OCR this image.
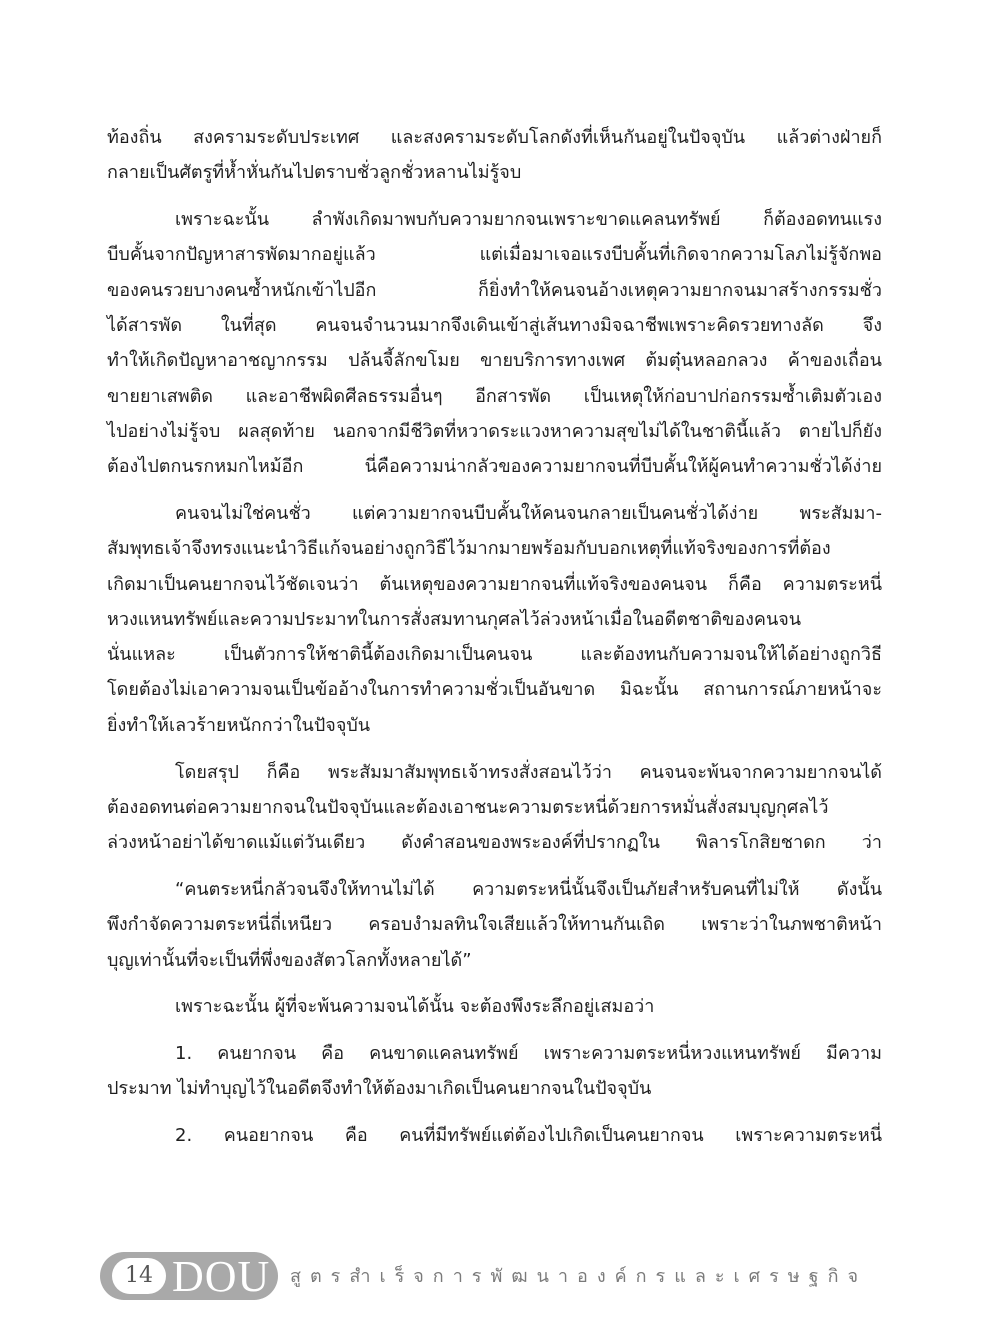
ท้องถิ่น สงครามระดับประเทศ และสงครามระดับโลกดังที่เห็นกันอยู่ในปัจจุบัน แล้วต่างฝ่ายก็
กลายเป็นศัตรูที่ห้ำหั่นกันไปตราบชั่วลูกชั่วหลานไม่รู้จบ
เพราะฉะนั้น ลำพังเกิดมาพบกับความยากจนเพราะขาดแคลนทรัพย์ ก็ต้องอดทนแรง
บีบคั้นจากปัญหาสารพัดมากอยู่แล้ว แต่เมื่อมาเจอแรงบีบคั้นที่เกิดจากความโลภไม่รู้จักพอ
ของคนรวยบางคนซ้ำหนักเข้าไปอีก ก็ยิ่งทำให้คนจนอ้างเหตุความยากจนมาสร้างกรรมชั่ว
ได้สารพัด ในที่สุด คนจนจำนวนมากจึงเดินเข้าสู่เส้นทางมิจฉาชีพเพราะคิดรวยทางลัด จึง
ทำให้เกิดปัญหาอาชญากรรม ปล้นจี้ลักขโมย ขายบริการทางเพศ ต้มตุ๋นหลอกลวง ค้าของเถื่อน
ขายยาเสพติด และอาชีพผิดศีลธรรมอื่นๆ อีกสารพัด เป็นเหตุให้ก่อบาปก่อกรรมซ้ำเติมตัวเอง
ไปอย่างไม่รู้จบ ผลสุดท้าย นอกจากมีชีวิตที่หวาดระแวงหาความสุขไม่ได้ในชาตินี้แล้ว ตายไปก็ยัง
ต้องไปตกนรกหมกไหม้อีก นี่คือความน่ากลัวของความยากจนที่บีบคั้นให้ผู้คนทำความชั่วได้ง่าย
คนจนไม่ใช่คนชั่ว แต่ความยากจนบีบคั้นให้คนจนกลายเป็นคนชั่วได้ง่าย พระสัมมา-
สัมพุทธเจ้าจึงทรงแนะนำวิธีแก้จนอย่างถูกวิธีไว้มากมายพร้อมกับบอกเหตุที่แท้จริงของการที่ต้อง
เกิดมาเป็นคนยากจนไว้ชัดเจนว่า ต้นเหตุของความยากจนที่แท้จริงของคนจน ก็คือ ความตระหนี่
หวงแหนทรัพย์และความประมาทในการสั่งสมทานกุศลไว้ล่วงหน้าเมื่อในอดีตชาติของคนจน
นั่นแหละ เป็นตัวการให้ชาตินี้ต้องเกิดมาเป็นคนจน และต้องทนกับความจนให้ได้อย่างถูกวิธี
โดยต้องไม่เอาความจนเป็นข้ออ้างในการทำความชั่วเป็นอันขาด มิฉะนั้น สถานการณ์ภายหน้าจะ
ยิ่งทำให้เลวร้ายหนักกว่าในปัจจุบัน
โดยสรุป ก็คือ พระสัมมาสัมพุทธเจ้าทรงสั่งสอนไว้ว่า คนจนจะพ้นจากความยากจนได้
ต้องอดทนต่อความยากจนในปัจจุบันและต้องเอาชนะความตระหนี่ด้วยการหมั่นสั่งสมบุญกุศลไว้
ล่วงหน้าอย่าได้ขาดแม้แต่วันเดียว ดังคำสอนของพระองค์ที่ปรากฏใน พิลารโกสิยชาดก ว่า
“คนตระหนี่กลัวจนจึงให้ทานไม่ได้ ความตระหนี่นั้นจึงเป็นภัยสำหรับคนที่ไม่ให้ ดังนั้น
พึงกำจัดความตระหนี่ถี่เหนียว ครอบงำมลทินใจเสียแล้วให้ทานกันเถิด เพราะว่าในภพชาติหน้า
บุญเท่านั้นที่จะเป็นที่พึ่งของสัตวโลกทั้งหลายได้”
เพราะฉะนั้น ผู้ที่จะพ้นความจนได้นั้น จะต้องพึงระลึกอยู่เสมอว่า
1. คนยากจน คือ คนขาดแคลนทรัพย์ เพราะความตระหนี่หวงแหนทรัพย์ มีความ
ประมาท ไม่ทำบุญไว้ในอดีตจึงทำให้ต้องมาเกิดเป็นคนยากจนในปัจจุบัน
2. คนอยากจน คือ คนที่มีทรัพย์แต่ต้องไปเกิดเป็นคนยากจน เพราะความตระหนี่
14 DOU สูตรสำเร็จการพัฒนาองค์กรและเศรษฐกิจ
